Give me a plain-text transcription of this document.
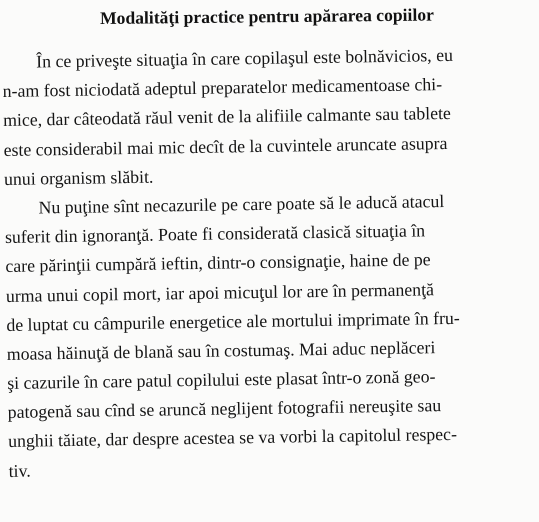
Modalităţi practice pentru apărarea copiilor
În ce priveşte situaţia în care copilaşul este bolnăvicios, eu
n-am fost niciodată adeptul preparatelor medicamentoase chi-
mice, dar câteodată răul venit de la alifiile calmante sau tablete
este considerabil mai mic decît de la cuvintele aruncate asupra
unui organism slăbit.
Nu puţine sînt necazurile pe care poate să le aducă atacul
suferit din ignoranţă. Poate fi considerată clasică situaţia în
care părinţii cumpără ieftin, dintr-o consignaţie, haine de pe
urma unui copil mort, iar apoi micuţul lor are în permanenţă
de luptat cu câmpurile energetice ale mortului imprimate în fru-
moasa hăinuţă de blană sau în costumaş. Mai aduc neplăceri
şi cazurile în care patul copilului este plasat într-o zonă geo-
patogenă sau cînd se aruncă neglijent fotografii nereuşite sau
unghii tăiate, dar despre acestea se va vorbi la capitolul respec-
tiv.
